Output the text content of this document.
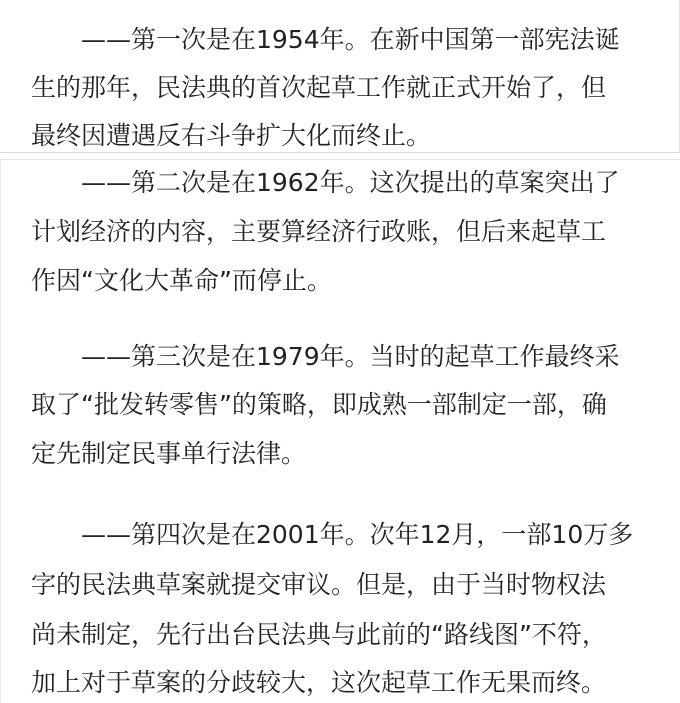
——第一次是在1954年。在新中国第一部宪法诞
生的那年，民法典的首次起草工作就正式开始了，但
最终因遭遇反右斗争扩大化而终止。
——第二次是在1962年。这次提出的草案突出了
计划经济的内容，主要算经济行政账，但后来起草工
作因“文化大革命”而停止。
——第三次是在1979年。当时的起草工作最终采
取了“批发转零售”的策略，即成熟一部制定一部，确
定先制定民事单行法律。
——第四次是在2001年。次年12月，一部10万多
字的民法典草案就提交审议。但是，由于当时物权法
尚未制定，先行出台民法典与此前的“路线图”不符，
加上对于草案的分歧较大，这次起草工作无果而终。
